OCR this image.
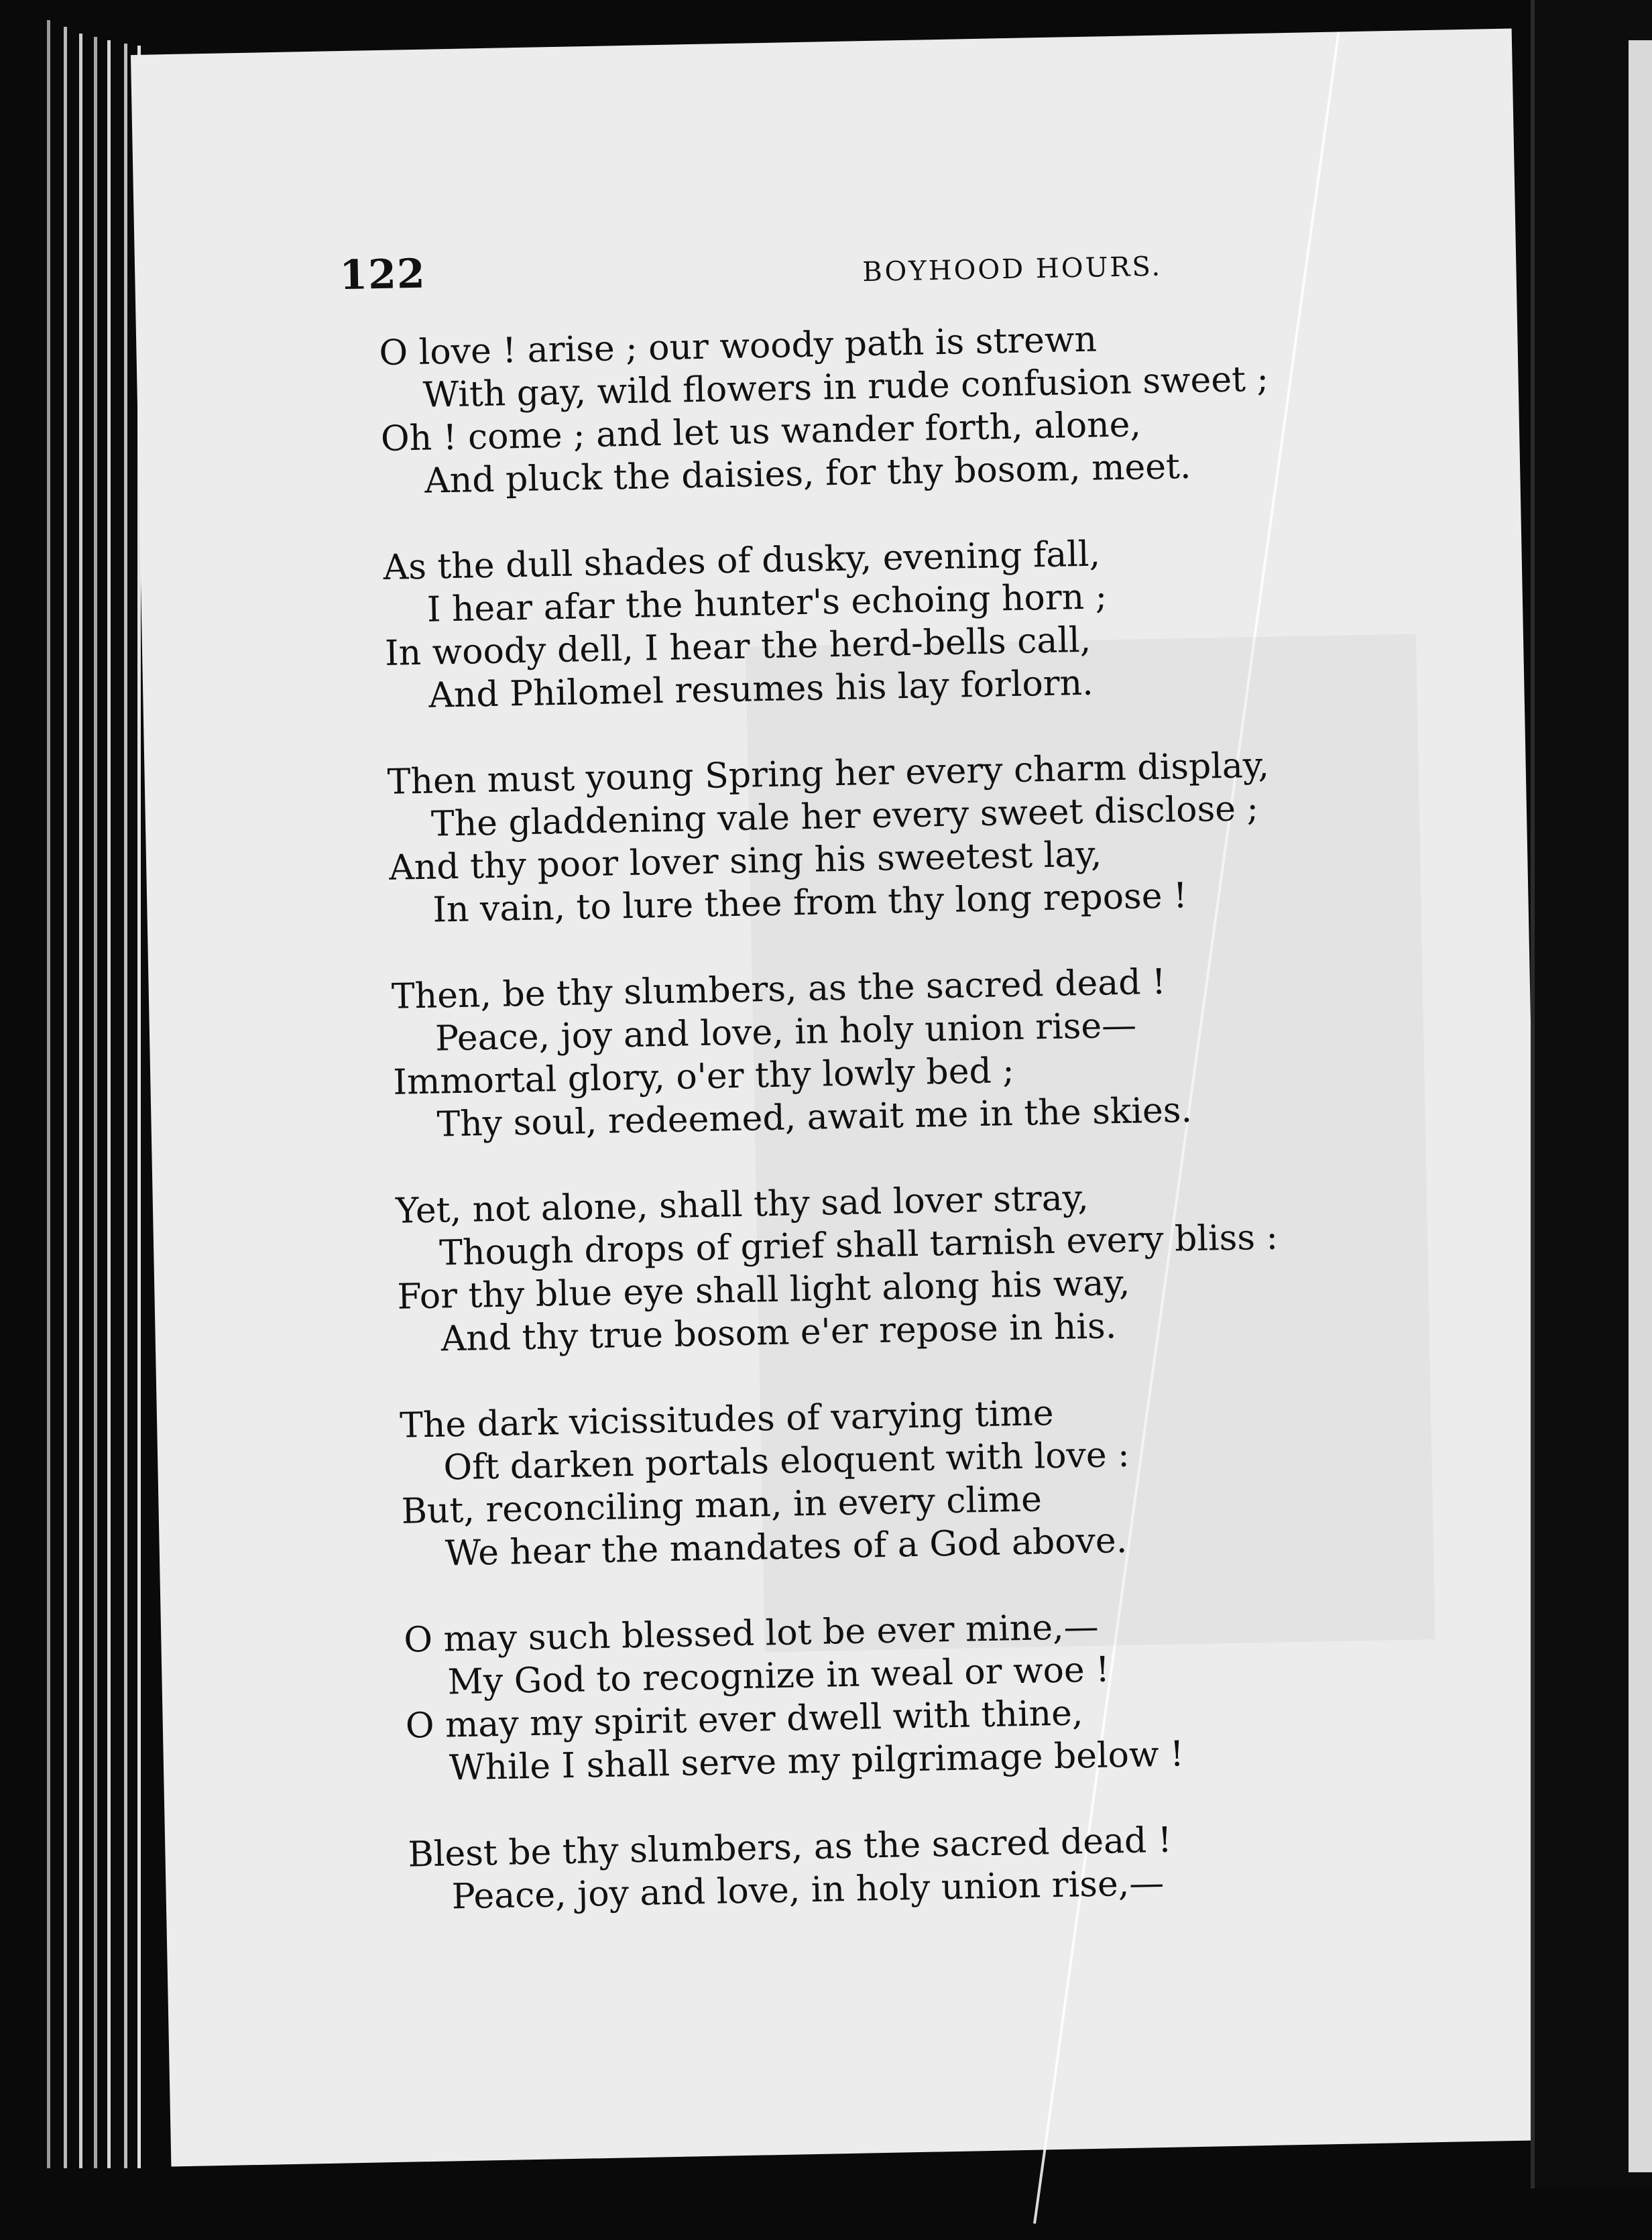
122	BOYHOOD HOURS.
O love ! arise ; our woody path is strewn
With gay, wild flowers in rude confusion sweet ;
Oh ! come ; and let us wander forth, alone,
And pluck the daisies, for thy bosom, meet.
As the dull shades of dusky, evening fall,
I hear afar the hunter's echoing horn ;
In woody dell, I hear the herd-bells call,
And Philomel resumes his lay forlorn.
Then must young Spring her every charm display,
The gladdening vale her every sweet disclose ;
And thy poor lover sing his sweetest lay,
In vain, to lure thee from thy long repose !
Then, be thy slumbers, as the sacred dead !
Peace, joy and love, in holy union rise—
Immortal glory, o'er thy lowly bed ;
Thy soul, redeemed, await me in the skies.
Yet, not alone, shall thy sad lover stray,
Though drops of grief shall tarnish every bliss :
For thy blue eye shall light along his way,
And thy true bosom e'er repose in his.
The dark vicissitudes of varying time
Oft darken portals eloquent with love :
But, reconciling man, in every clime
We hear the mandates of a God above.
O may such blessed lot be ever mine,—
My God to recognize in weal or woe !
O may my spirit ever dwell with thine,
While I shall serve my pilgrimage below !
Blest be thy slumbers, as the sacred dead !
Peace, joy and love, in holy union rise,—
